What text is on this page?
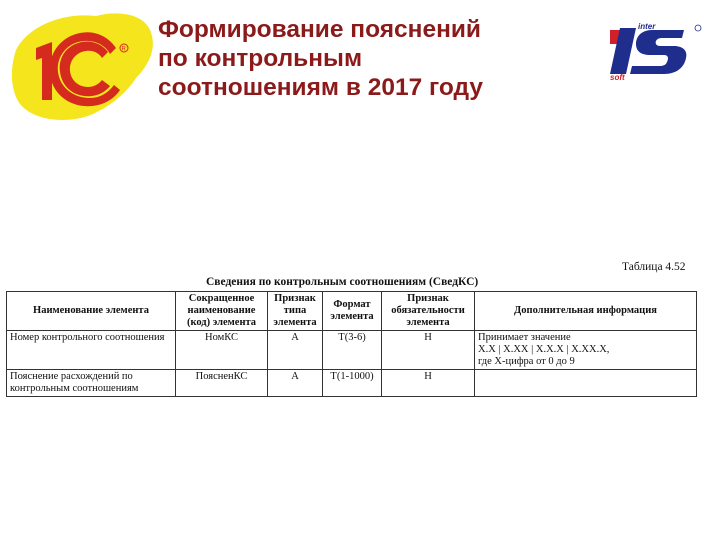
R
Формирование пояснений
по контрольным
соотношениям в 2017 году
inter
soft
Таблица 4.52
Сведения по контрольным соотношениям (СведКС)
Наименование элемента	Сокращенное наименование (код) элемента	Признак типа элемента	Формат элемента	Признак обязательности элемента	Дополнительная информация
Номер контрольного соотношения	НомКС	А	T(3-6)	H	Принимает значение
X.X | X.XX | X.X.X | X.XX.X,
где X-цифра от 0 до 9
Пояснение расхождений по контрольным соотношениям	ПоясненКС	А	T(1-1000)	Н	
